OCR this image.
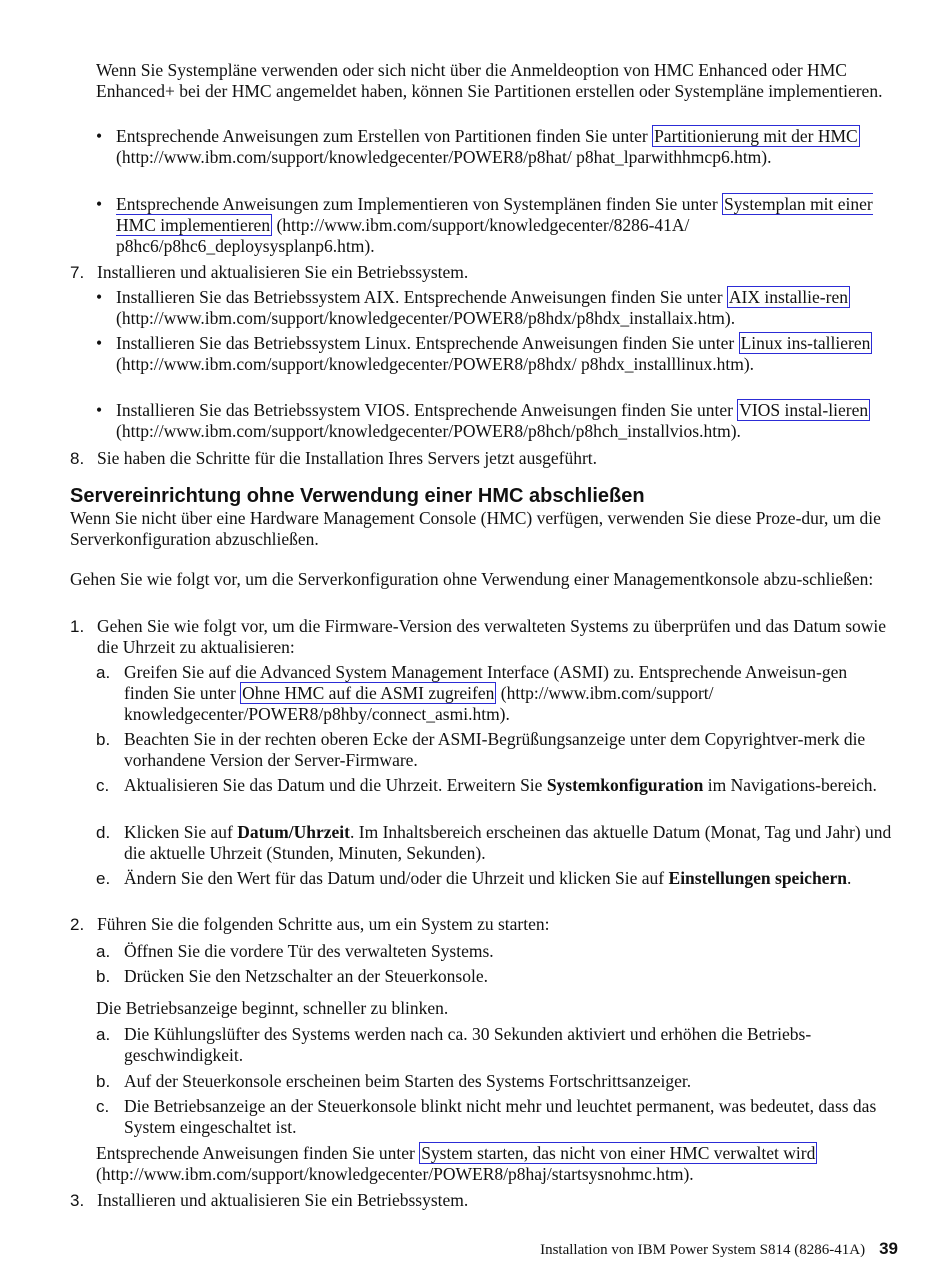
Wenn Sie Systempläne verwenden oder sich nicht über die Anmeldeoption von HMC Enhanced oder HMC Enhanced+ bei der HMC angemeldet haben, können Sie Partitionen erstellen oder Systempläne implementieren.

• Entsprechende Anweisungen zum Erstellen von Partitionen finden Sie unter Partitionierung mit der HMC (http://www.ibm.com/support/knowledgecenter/POWER8/p8hat/ p8hat_lparwithhmcp6.htm).
• Entsprechende Anweisungen zum Implementieren von Systemplänen finden Sie unter Systemplan mit einer HMC implementieren (http://www.ibm.com/support/knowledgecenter/8286-41A/ p8hc6/p8hc6_deploysysplanp6.htm).
7. Installieren und aktualisieren Sie ein Betriebssystem.
• Installieren Sie das Betriebssystem AIX. Entsprechende Anweisungen finden Sie unter AIX installie-ren (http://www.ibm.com/support/knowledgecenter/POWER8/p8hdx/p8hdx_installaix.htm).
• Installieren Sie das Betriebssystem Linux. Entsprechende Anweisungen finden Sie unter Linux ins-tallieren (http://www.ibm.com/support/knowledgecenter/POWER8/p8hdx/ p8hdx_installlinux.htm).
• Installieren Sie das Betriebssystem VIOS. Entsprechende Anweisungen finden Sie unter VIOS instal-lieren (http://www.ibm.com/support/knowledgecenter/POWER8/p8hch/p8hch_installvios.htm).
8. Sie haben die Schritte für die Installation Ihres Servers jetzt ausgeführt.
Servereinrichtung ohne Verwendung einer HMC abschließen

Wenn Sie nicht über eine Hardware Management Console (HMC) verfügen, verwenden Sie diese Proze-dur, um die Serverkonfiguration abzuschließen.

Gehen Sie wie folgt vor, um die Serverkonfiguration ohne Verwendung einer Managementkonsole abzu-schließen:

1. Gehen Sie wie folgt vor, um die Firmware-Version des verwalteten Systems zu überprüfen und das Datum sowie die Uhrzeit zu aktualisieren:
a. Greifen Sie auf die Advanced System Management Interface (ASMI) zu. Entsprechende Anweisun-gen finden Sie unter Ohne HMC auf die ASMI zugreifen (http://www.ibm.com/support/ knowledgecenter/POWER8/p8hby/connect_asmi.htm).
b. Beachten Sie in der rechten oberen Ecke der ASMI-Begrüßungsanzeige unter dem Copyrightver-merk die vorhandene Version der Server-Firmware.
c. Aktualisieren Sie das Datum und die Uhrzeit. Erweitern Sie Systemkonfiguration im Navigations-bereich.
d. Klicken Sie auf Datum/Uhrzeit. Im Inhaltsbereich erscheinen das aktuelle Datum (Monat, Tag und Jahr) und die aktuelle Uhrzeit (Stunden, Minuten, Sekunden).
e. Ändern Sie den Wert für das Datum und/oder die Uhrzeit und klicken Sie auf Einstellungen speichern.
2. Führen Sie die folgenden Schritte aus, um ein System zu starten:
a. Öffnen Sie die vordere Tür des verwalteten Systems.
b. Drücken Sie den Netzschalter an der Steuerkonsole.

Die Betriebsanzeige beginnt, schneller zu blinken.

a. Die Kühlungslüfter des Systems werden nach ca. 30 Sekunden aktiviert und erhöhen die Betriebs-geschwindigkeit.
b. Auf der Steuerkonsole erscheinen beim Starten des Systems Fortschrittsanzeiger.
c. Die Betriebsanzeige an der Steuerkonsole blinkt nicht mehr und leuchtet permanent, was bedeutet, dass das System eingeschaltet ist.

Entsprechende Anweisungen finden Sie unter System starten, das nicht von einer HMC verwaltet wird (http://www.ibm.com/support/knowledgecenter/POWER8/p8haj/startsysnohmc.htm).

3. Installieren und aktualisieren Sie ein Betriebssystem.
Installation von IBM Power System S814 (8286-41A) 39
